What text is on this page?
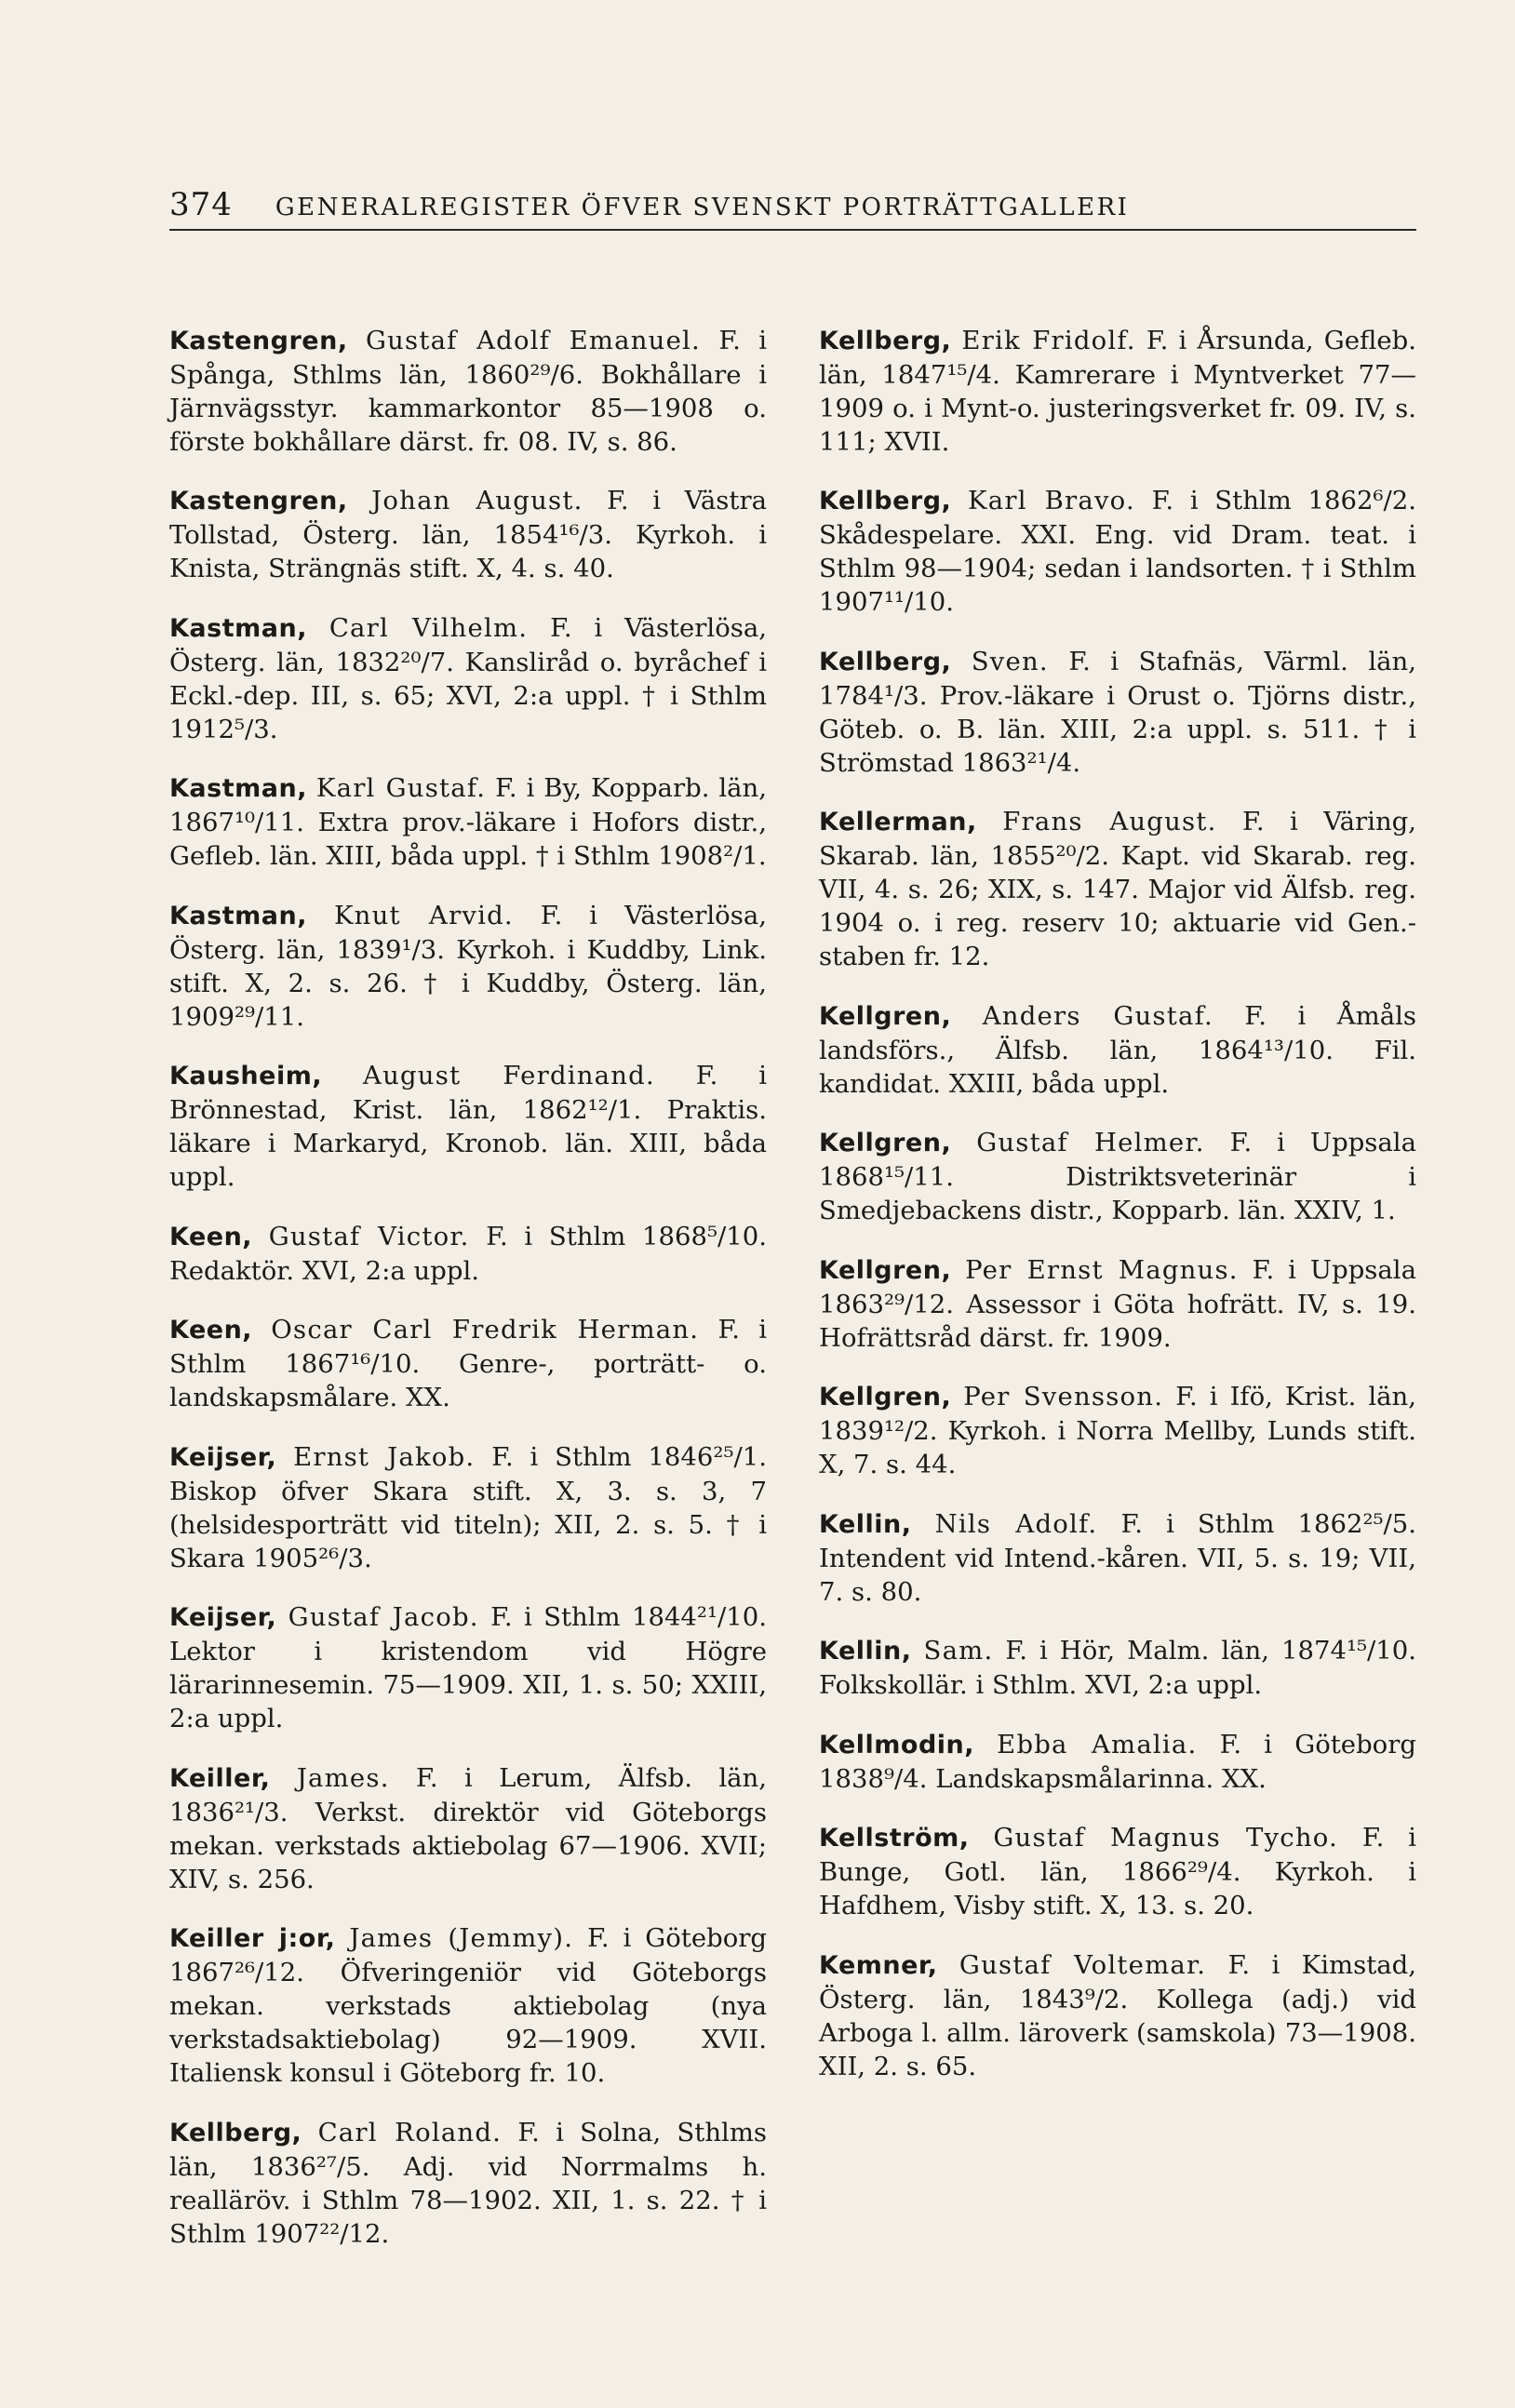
374 GENERALREGISTER ÖFVER SVENSKT PORTRÄTTGALLERI

Kastengren, Gustaf Adolf Emanuel. F. i Spånga, Sthlms län, 1860²⁹/6. Bokhållare i Järnvägsstyr. kammarkontor 85—1908 o. förste bokhållare därst. fr. 08. IV, s. 86.

Kastengren, Johan August. F. i Västra Tollstad, Österg. län, 1854¹⁶/3. Kyrkoh. i Knista, Strängnäs stift. X, 4. s. 40.

Kastman, Carl Vilhelm. F. i Västerlösa, Österg. län, 1832²⁰/7. Kansliråd o. byråchef i Eckl.-dep. III, s. 65; XVI, 2:a uppl. † i Sthlm 1912⁵/3.

Kastman, Karl Gustaf. F. i By, Kopparb. län, 1867¹⁰/11. Extra prov.-läkare i Hofors distr., Gefleb. län. XIII, båda uppl. † i Sthlm 1908²/1.

Kastman, Knut Arvid. F. i Västerlösa, Österg. län, 1839¹/3. Kyrkoh. i Kuddby, Link. stift. X, 2. s. 26. † i Kuddby, Österg. län, 1909²⁹/11.

Kausheim, August Ferdinand. F. i Brönnestad, Krist. län, 1862¹²/1. Praktis. läkare i Markaryd, Kronob. län. XIII, båda uppl.

Keen, Gustaf Victor. F. i Sthlm 1868⁵/10. Redaktör. XVI, 2:a uppl.

Keen, Oscar Carl Fredrik Herman. F. i Sthlm 1867¹⁶/10. Genre-, porträtt- o. landskapsmålare. XX.

Keijser, Ernst Jakob. F. i Sthlm 1846²⁵/1. Biskop öfver Skara stift. X, 3. s. 3, 7 (helsidesporträtt vid titeln); XII, 2. s. 5. † i Skara 1905²⁶/3.

Keijser, Gustaf Jacob. F. i Sthlm 1844²¹/10. Lektor i kristendom vid Högre lärarinnesemin. 75—1909. XII, 1. s. 50; XXIII, 2:a uppl.

Keiller, James. F. i Lerum, Älfsb. län, 1836²¹/3. Verkst. direktör vid Göteborgs mekan. verkstads aktiebolag 67—1906. XVII; XIV, s. 256.

Keiller j:or, James (Jemmy). F. i Göteborg 1867²⁶/12. Öfveringeniör vid Göteborgs mekan. verkstads aktiebolag (nya verkstadsaktiebolag) 92—1909. XVII. Italiensk konsul i Göteborg fr. 10.

Kellberg, Carl Roland. F. i Solna, Sthlms län, 1836²⁷/5. Adj. vid Norrmalms h. realläröv. i Sthlm 78—1902. XII, 1. s. 22. † i Sthlm 1907²²/12.

Kellberg, Erik Fridolf. F. i Årsunda, Gefleb. län, 1847¹⁵/4. Kamrerare i Myntverket 77—1909 o. i Mynt-o. justeringsverket fr. 09. IV, s. 111; XVII.

Kellberg, Karl Bravo. F. i Sthlm 1862⁶/2. Skådespelare. XXI. Eng. vid Dram. teat. i Sthlm 98—1904; sedan i landsorten. † i Sthlm 1907¹¹/10.

Kellberg, Sven. F. i Stafnäs, Värml. län, 1784¹/3. Prov.-läkare i Orust o. Tjörns distr., Göteb. o. B. län. XIII, 2:a uppl. s. 511. † i Strömstad 1863²¹/4.

Kellerman, Frans August. F. i Väring, Skarab. län, 1855²⁰/2. Kapt. vid Skarab. reg. VII, 4. s. 26; XIX, s. 147. Major vid Älfsb. reg. 1904 o. i reg. reserv 10; aktuarie vid Gen.-staben fr. 12.

Kellgren, Anders Gustaf. F. i Åmåls landsförs., Älfsb. län, 1864¹³/10. Fil. kandidat. XXIII, båda uppl.

Kellgren, Gustaf Helmer. F. i Uppsala 1868¹⁵/11. Distriktsveterinär i Smedjebackens distr., Kopparb. län. XXIV, 1.

Kellgren, Per Ernst Magnus. F. i Uppsala 1863²⁹/12. Assessor i Göta hofrätt. IV, s. 19. Hofrättsråd därst. fr. 1909.

Kellgren, Per Svensson. F. i Ifö, Krist. län, 1839¹²/2. Kyrkoh. i Norra Mellby, Lunds stift. X, 7. s. 44.

Kellin, Nils Adolf. F. i Sthlm 1862²⁵/5. Intendent vid Intend.-kåren. VII, 5. s. 19; VII, 7. s. 80.

Kellin, Sam. F. i Hör, Malm. län, 1874¹⁵/10. Folkskollär. i Sthlm. XVI, 2:a uppl.

Kellmodin, Ebba Amalia. F. i Göteborg 1838⁹/4. Landskapsmålarinna. XX.

Kellström, Gustaf Magnus Tycho. F. i Bunge, Gotl. län, 1866²⁹/4. Kyrkoh. i Hafdhem, Visby stift. X, 13. s. 20.

Kemner, Gustaf Voltemar. F. i Kimstad, Österg. län, 1843⁹/2. Kollega (adj.) vid Arboga l. allm. läroverk (samskola) 73—1908. XII, 2. s. 65.
